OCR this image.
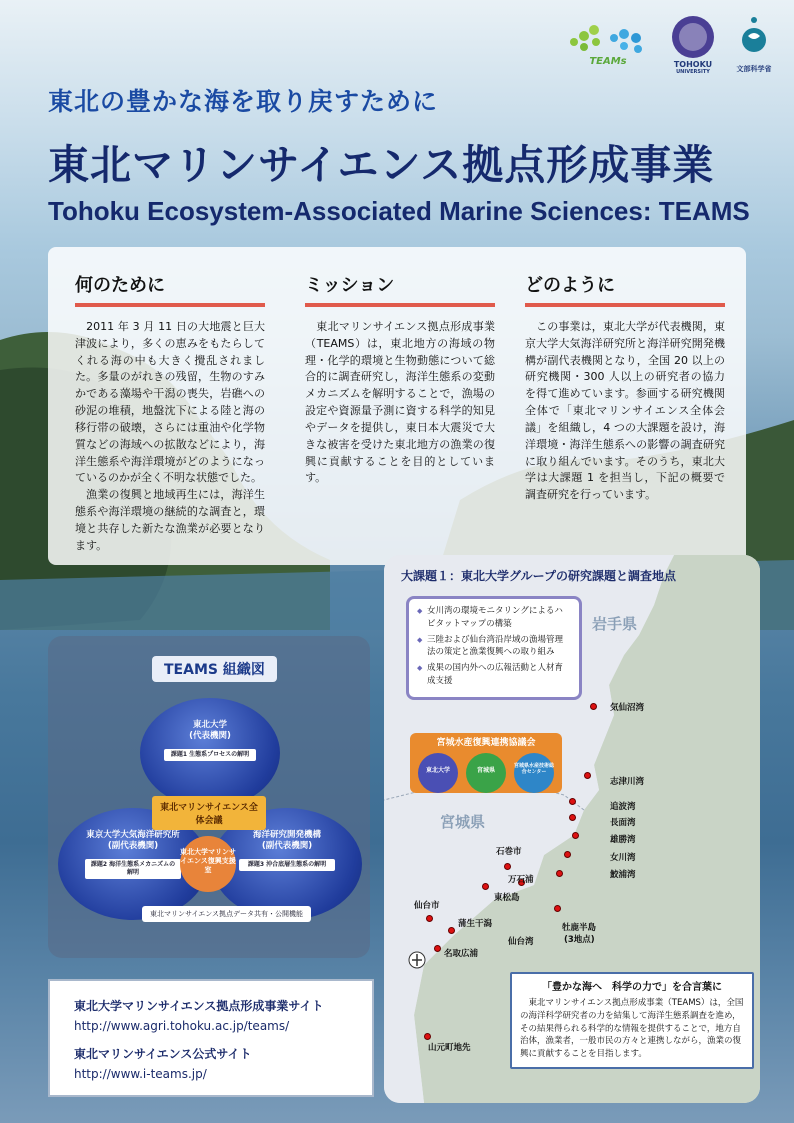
TEAMs	TOHOKU
UNIVERSITY	文部科学省
東北の豊かな海を取り戻すために
東北マリンサイエンス拠点形成事業
Tohoku Ecosystem-Associated Marine Sciences: TEAMS
何のために

　2011 年 3 月 11 日の大地震と巨大津波により，多くの恵みをもたらしてくれる海の中も大きく攪乱されました。多量のがれきの残留，生物のすみかである藻場や干潟の喪失，岩礁への砂泥の堆積，地盤沈下による陸と海の移行帯の破壊，さらには重油や化学物質などの海域への拡散などにより，海洋生態系や海洋環境がどのようになっているのかが全く不明な状態でした。
　漁業の復興と地域再生には，海洋生態系や海洋環境の継続的な調査と，環境と共存した新たな漁業が必要となります。

ミッション

　東北マリンサイエンス拠点形成事業（TEAMS）は，東北地方の海域の物理・化学的環境と生物動態について総合的に調査研究し，海洋生態系の変動メカニズムを解明することで，漁場の設定や資源量予測に資する科学的知見やデータを提供し，東日本大震災で大きな被害を受けた東北地方の漁業の復興に貢献することを目的としています。

どのように

　この事業は，東北大学が代表機関，東京大学大気海洋研究所と海洋研究開発機構が副代表機関となり，全国 20 以上の研究機関・300 人以上の研究者の協力を得て進めています。参画する研究機関全体で「東北マリンサイエンス全体会議」を組織し，4 つの大課題を設け，海洋環境・海洋生態系への影響の調査研究に取り組んでいます。そのうち，東北大学は大課題 1 を担当し，下記の概要で調査研究を行っています。

TEAMS 組織図
東北大学
(代表機関)
課題1 生態系プロセスの解明
東京大学大気海洋研究所
(副代表機関)
課題2 海洋生態系メカニズムの解明
海洋研究開発機構
(副代表機関)
課題3 沖合底層生態系の解明
東北マリンサイエンス全体会議
東北大学マリンサイエンス復興支援室
東北マリンサイエンス拠点データ共有・公開機能
東北大学マリンサイエンス拠点形成事業サイト
http://www.agri.tohoku.ac.jp/teams/
東北マリンサイエンス公式サイト
http://www.i-teams.jp/
大課題１：東北大学グループの研究課題と調査地点
◆ 女川湾の環境モニタリングによるハビタットマップの構築
◆ 三陸および仙台湾沿岸域の漁場管理法の策定と漁業復興への取り組み
◆ 成果の国内外への広報活動と人材育成支援
宮城水産復興連携協議会
東北大学	宮城県
宮城県水産技術総合センター
岩手県
宮城県
気仙沼湾
志津川湾
追波湾
長面湾
雄勝湾
女川湾
鮫浦湾
石巻市
万石浦
東松島
仙台市
蒲生干潟
仙台湾
名取広浦
牡鹿半島
(3地点)
山元町地先
「豊かな海へ　科学の力で」を合言葉に

　東北マリンサイエンス拠点形成事業（TEAMS）は，全国の海洋科学研究者の力を結集して海洋生態系調査を進め，その結果得られる科学的な情報を提供することで，地方自治体，漁業者，一般市民の方々と連携しながら，漁業の復興に貢献することを目指します。
